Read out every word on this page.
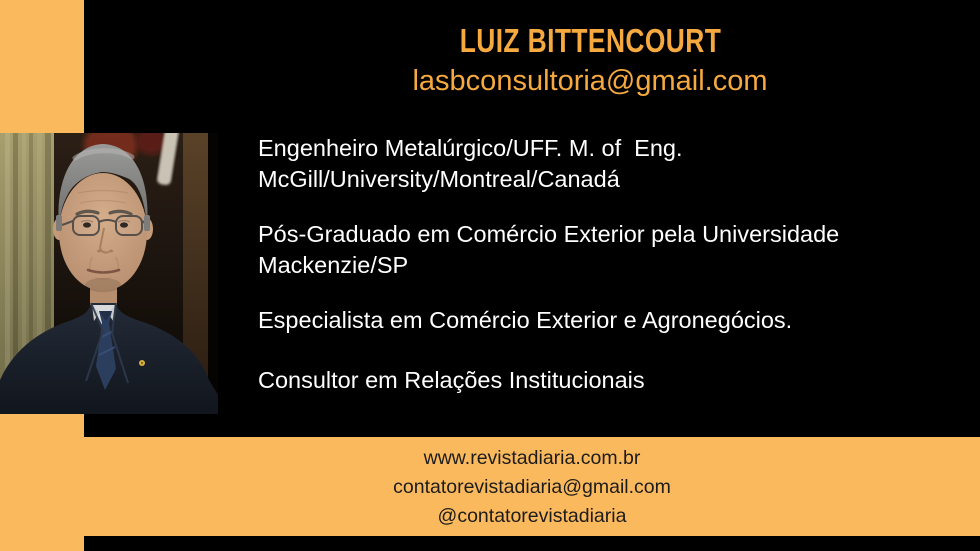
LUIZ BITTENCOURT
lasbconsultoria@gmail.com

Engenheiro Metalúrgico/UFF. M. of  Eng.
McGill/University/Montreal/Canadá

Pós-Graduado em Comércio Exterior pela Universidade
Mackenzie/SP

Especialista em Comércio Exterior e Agronegócios.

Consultor em Relações Institucionais

www.revistadiaria.com.br
contatorevistadiaria@gmail.com
@contatorevistadiaria
